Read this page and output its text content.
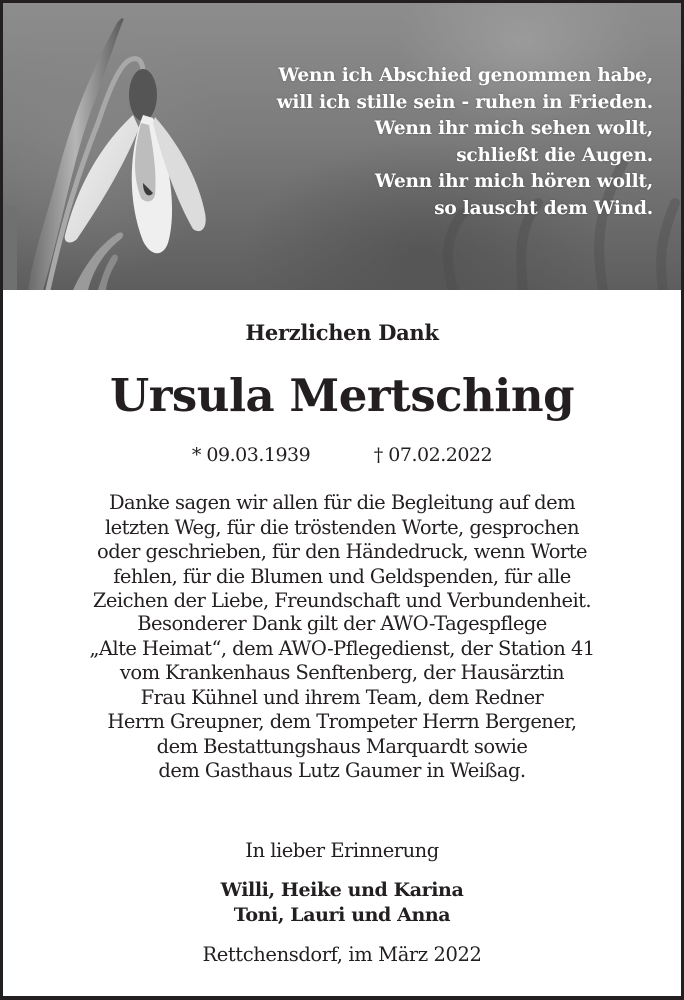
Wenn ich Abschied genommen habe,
will ich stille sein - ruhen in Frieden.
Wenn ihr mich sehen wollt,
schließt die Augen.
Wenn ihr mich hören wollt,
so lauscht dem Wind.
Herzlichen Dank
Ursula Mertsching
* 09.03.1939	† 07.02.2022
Danke sagen wir allen für die Begleitung auf dem
letzten Weg, für die tröstenden Worte, gesprochen
oder geschrieben, für den Händedruck, wenn Worte
fehlen, für die Blumen und Geldspenden, für alle
Zeichen der Liebe, Freundschaft und Verbundenheit.
Besonderer Dank gilt der AWO-Tagespflege
„Alte Heimat“, dem AWO-Pflegedienst, der Station 41
vom Krankenhaus Senftenberg, der Hausärztin
Frau Kühnel und ihrem Team, dem Redner
Herrn Greupner, dem Trompeter Herrn Bergener,
dem Bestattungshaus Marquardt sowie
dem Gasthaus Lutz Gaumer in Weißag.
In lieber Erinnerung
Willi, Heike und Karina
Toni, Lauri und Anna
Rettchensdorf, im März 2022
